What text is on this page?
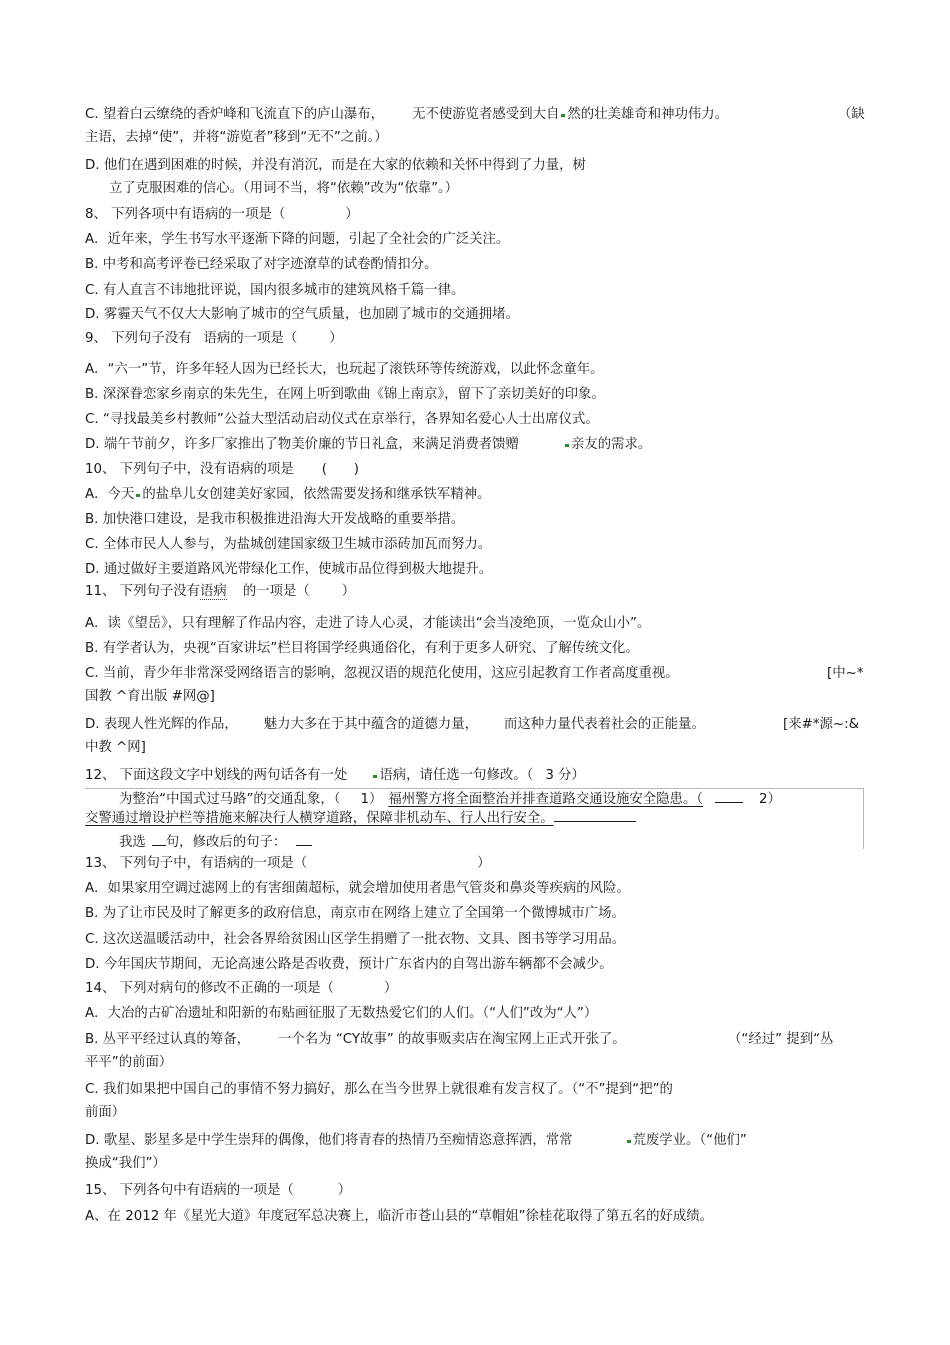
C. 望着白云缭绕的香炉峰和飞流直下的庐山瀑布， 无不使游览者感受到大自 然的壮美雄奇和神功伟力。	（缺
主语，去掉“使”，并将“游览者”移到“无不”之前。）
D. 他们在遇到困难的时候，并没有消沉，而是在大家的依赖和关怀中得到了力量，树
立了克服困难的信心。（用词不当，将“依赖”改为“依靠”。）
8、 下列各项中有语病的一项是（	）
A．近年来，学生书写水平逐渐下降的问题，引起了全社会的广泛关注。
B. 中考和高考评卷已经采取了对字迹潦草的试卷酌情扣分。
C. 有人直言不讳地批评说，国内很多城市的建筑风格千篇一律。
D. 雾霾天气不仅大大影响了城市的空气质量，也加剧了城市的交通拥堵。
9、 下列句子没有 语病的一项是（ ）
A．“六一”节，许多年轻人因为已经长大，也玩起了滚铁环等传统游戏，以此怀念童年。
B. 深深眷恋家乡南京的朱先生，在网上听到歌曲《锦上南京》，留下了亲切美好的印象。
C. “寻找最美乡村教师”公益大型活动启动仪式在京举行，各界知名爱心人士出席仪式。
D. 端午节前夕，许多厂家推出了物美价廉的节日礼盒，来满足消费者馈赠	亲友的需求。
10、 下列句子中，没有语病的项是 (　　)
A．今天 的盐阜儿女创建美好家园，依然需要发扬和继承铁军精神。
B. 加快港口建设，是我市积极推进沿海大开发战略的重要举措。
C. 全体市民人人参与，为盐城创建国家级卫生城市添砖加瓦而努力。
D. 通过做好主要道路风光带绿化工作，使城市品位得到极大地提升。
11、 下列句子没有语病 的一项是（ ）
A．读《望岳》，只有理解了作品内容，走进了诗人心灵，才能读出“会当凌绝顶，一览众山小”。
B. 有学者认为，央视“百家讲坛”栏目将国学经典通俗化，有利于更多人研究、了解传统文化。
C. 当前，青少年非常深受网络语言的影响，忽视汉语的规范化使用，这应引起教育工作者高度重视。	[中~*
国教 ^育出版 #网@]
D. 表现人性光辉的作品， 魅力大多在于其中蕴含的道德力量， 而这种力量代表着社会的正能量。	[来#*源~:&
中教 ^网]
12、 下面这段文字中划线的两句话各有一处 语病，请任选一句修改。（ 3 分）
为整治“中国式过马路”的交通乱象，（ 1） 福州警方将全面整治并排查道路交通设施安全隐患。（	2）
交警通过增设护栏等措施来解决行人横穿道路，保障非机动车、行人出行安全。
我选 句，修改后的句子：
13、 下列句子中，有语病的一项是（	）
A．如果家用空调过滤网上的有害细菌超标，就会增加使用者患气管炎和鼻炎等疾病的风险。
B. 为了让市民及时了解更多的政府信息，南京市在网络上建立了全国第一个微博城市广场。
C. 这次送温暖活动中，社会各界给贫困山区学生捐赠了一批衣物、文具、图书等学习用品。
D. 今年国庆节期间，无论高速公路是否收费，预计广东省内的自驾出游车辆都不会减少。
14、 下列对病句的修改不正确的一项是（	）
A．大冶的古矿冶遗址和阳新的布贴画征服了无数热爱它们的人们。（“人们”改为“人”）
B. 丛平平经过认真的筹备， 一个名为 “CY故事” 的故事贩卖店在淘宝网上正式开张了。	（“经过” 提到“丛
平平”的前面）
C. 我们如果把中国自己的事情不努力搞好，那么在当今世界上就很难有发言权了。（“不”提到“把”的
前面）
D. 歌星、影星多是中学生崇拜的偶像，他们将青春的热情乃至痴情恣意挥洒，常常	荒废学业。（“他们”
换成“我们”）
15、 下列各句中有语病的一项是（	）
A、在 2012 年《星光大道》年度冠军总决赛上，临沂市苍山县的“草帽姐”徐桂花取得了第五名的好成绩。
